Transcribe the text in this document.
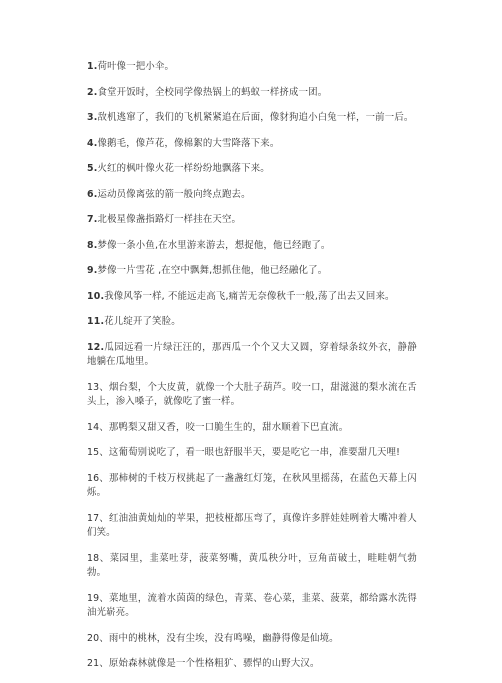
1.荷叶像一把小伞。

2.食堂开饭时，全校同学像热锅上的蚂蚁一样挤成一团。

3.敌机逃窜了，我们的飞机紧紧追在后面，像豺狗追小白兔一样，一前一后。

4.像鹅毛，像芦花，像棉絮的大雪降落下来。

5.火红的枫叶像火花一样纷纷地飘落下来。

6.运动员像离弦的箭一般向终点跑去。

7.北极星像盏指路灯一样挂在天空。

8.梦像一条小鱼,在水里游来游去，想捉他，他已经跑了。

9.梦像一片雪花 ,在空中飘舞,想抓住他，他已经融化了。

10.我像风筝一样, 不能远走高飞,痛苦无奈像秋千一般,荡了出去又回来。

11.花儿绽开了笑脸。

12.瓜园远看一片绿汪汪的，那西瓜一个个又大又圆，穿着绿条纹外衣，静静地躺在瓜地里。

13、烟台梨，个大皮黄，就像一个大肚子葫芦。咬一口，甜滋滋的梨水流在舌头上，渗入嗓子，就像吃了蜜一样。

14、那鸭梨又甜又香，咬一口脆生生的，甜水顺着下巴直流。

15、这葡萄别说吃了，看一眼也舒服半天，要是吃它一串，准要甜几天哩!

16、那柿树的千枝万杈挑起了一盏盏红灯笼，在秋风里摇荡，在蓝色天幕上闪烁。

17、红油油黄灿灿的苹果，把枝桠都压弯了，真像许多胖娃娃咧着大嘴冲着人们笑。

18、菜园里，韭菜吐芽，菠菜努嘴，黄瓜秧分叶，豆角苗破土，畦畦朝气勃勃。

19、菜地里，流着水茵茵的绿色，青菜、卷心菜，韭菜、菠菜，都给露水洗得油光崭亮。

20、雨中的桃林，没有尘埃，没有鸣噪，幽静得像是仙境。

21、原始森林就像是一个性格粗犷、骠悍的山野大汉。
